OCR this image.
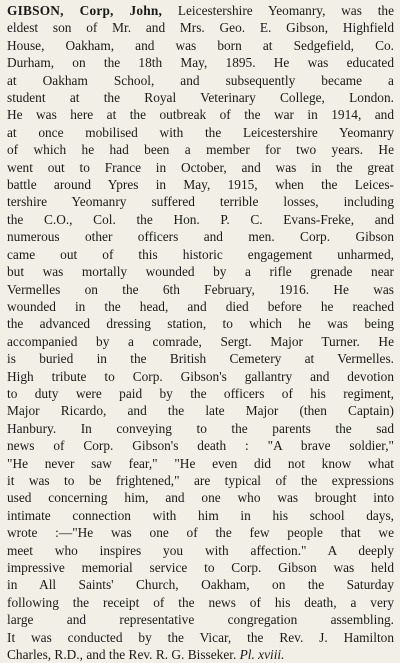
GIBSON, Corp, John, Leicestershire Yeomanry, was the
eldest son of Mr. and Mrs. Geo. E. Gibson, Highfield
House, Oakham, and was born at Sedgefield, Co.
Durham, on the 18th May, 1895. He was educated
at Oakham School, and subsequently became a
student at the Royal Veterinary College, London.
He was here at the outbreak of the war in 1914, and
at once mobilised with the Leicestershire Yeomanry
of which he had been a member for two years. He
went out to France in October, and was in the great
battle around Ypres in May, 1915, when the Leices-
tershire Yeomanry suffered terrible losses, including
the C.O., Col. the Hon. P. C. Evans-Freke, and
numerous other officers and men. Corp. Gibson
came out of this historic engagement unharmed,
but was mortally wounded by a rifle grenade near
Vermelles on the 6th February, 1916. He was
wounded in the head, and died before he reached
the advanced dressing station, to which he was being
accompanied by a comrade, Sergt. Major Turner. He
is buried in the British Cemetery at Vermelles.
High tribute to Corp. Gibson's gallantry and devotion
to duty were paid by the officers of his regiment,
Major Ricardo, and the late Major (then Captain)
Hanbury. In conveying to the parents the sad
news of Corp. Gibson's death : "A brave soldier,"
"He never saw fear," "He even did not know what
it was to be frightened," are typical of the expressions
used concerning him, and one who was brought into
intimate connection with him in his school days,
wrote :—"He was one of the few people that we
meet who inspires you with affection." A deeply
impressive memorial service to Corp. Gibson was held
in All Saints' Church, Oakham, on the Saturday
following the receipt of the news of his death, a very
large and representative congregation assembling.
It was conducted by the Vicar, the Rev. J. Hamilton
Charles, R.D., and the Rev. R. G. Bisseker. Pl. xviii.
